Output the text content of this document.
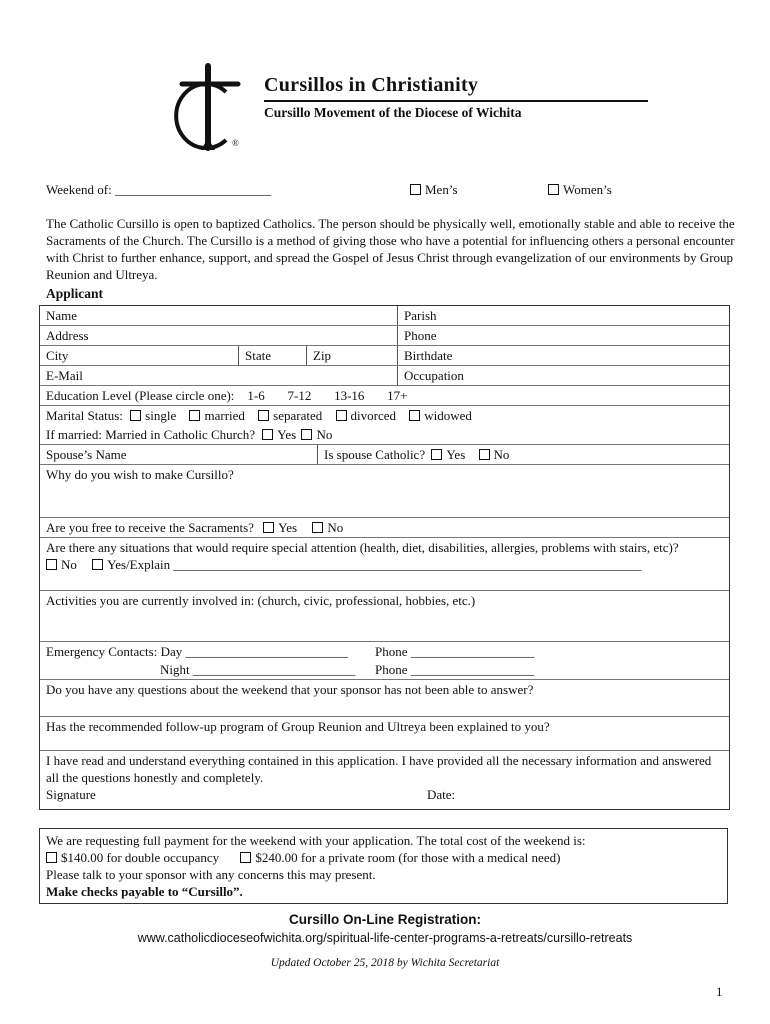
®
Cursillos in Christianity
Cursillo Movement of the Diocese of Wichita
Weekend of: ________________________	Men’s	Women’s
The Catholic Cursillo is open to baptized Catholics. The person should be physically well, emotionally stable and able to receive the Sacraments of the Church. The Cursillo is a method of giving those who have a potential for influencing others a personal encounter with Christ to further enhance, support, and spread the Gospel of Jesus Christ through evangelization of our environments by Group Reunion and Ultreya.
Applicant
Name	Parish
Address	Phone
City	State	Zip	Birthdate
E-Mail	Occupation
Education Level (Please circle one):    1-6       7-12       13-16       17+
Marital Status: single married separated divorced widowed
If married: Married in Catholic Church? Yes No
Spouse’s Name	Is spouse Catholic? Yes No
Why do you wish to make Cursillo?
Are you free to receive the Sacraments? Yes No
Are there any situations that would require special attention (health, diet, disabilities, allergies, problems with stairs, etc)?
No Yes/Explain ________________________________________________________________________
Activities you are currently involved in: (church, civic, professional, hobbies, etc.)
Emergency Contacts: Day _________________________ Phone ___________________
Night _________________________ Phone ___________________
Do you have any questions about the weekend that your sponsor has not been able to answer?
Has the recommended follow-up program of Group Reunion and Ultreya been explained to you?
I have read and understand everything contained in this application. I have provided all the necessary information and answered all the questions honestly and completely.
Signature	Date:
We are requesting full payment for the weekend with your application. The total cost of the weekend is:
$140.00 for double occupancy	$240.00 for a private room (for those with a medical need)
Please talk to your sponsor with any concerns this may present.
Make checks payable to “Cursillo”.
Cursillo On-Line Registration:
www.catholicdioceseofwichita.org/spiritual-life-center-programs-a-retreats/cursillo-retreats
Updated October 25, 2018 by Wichita Secretariat
1
